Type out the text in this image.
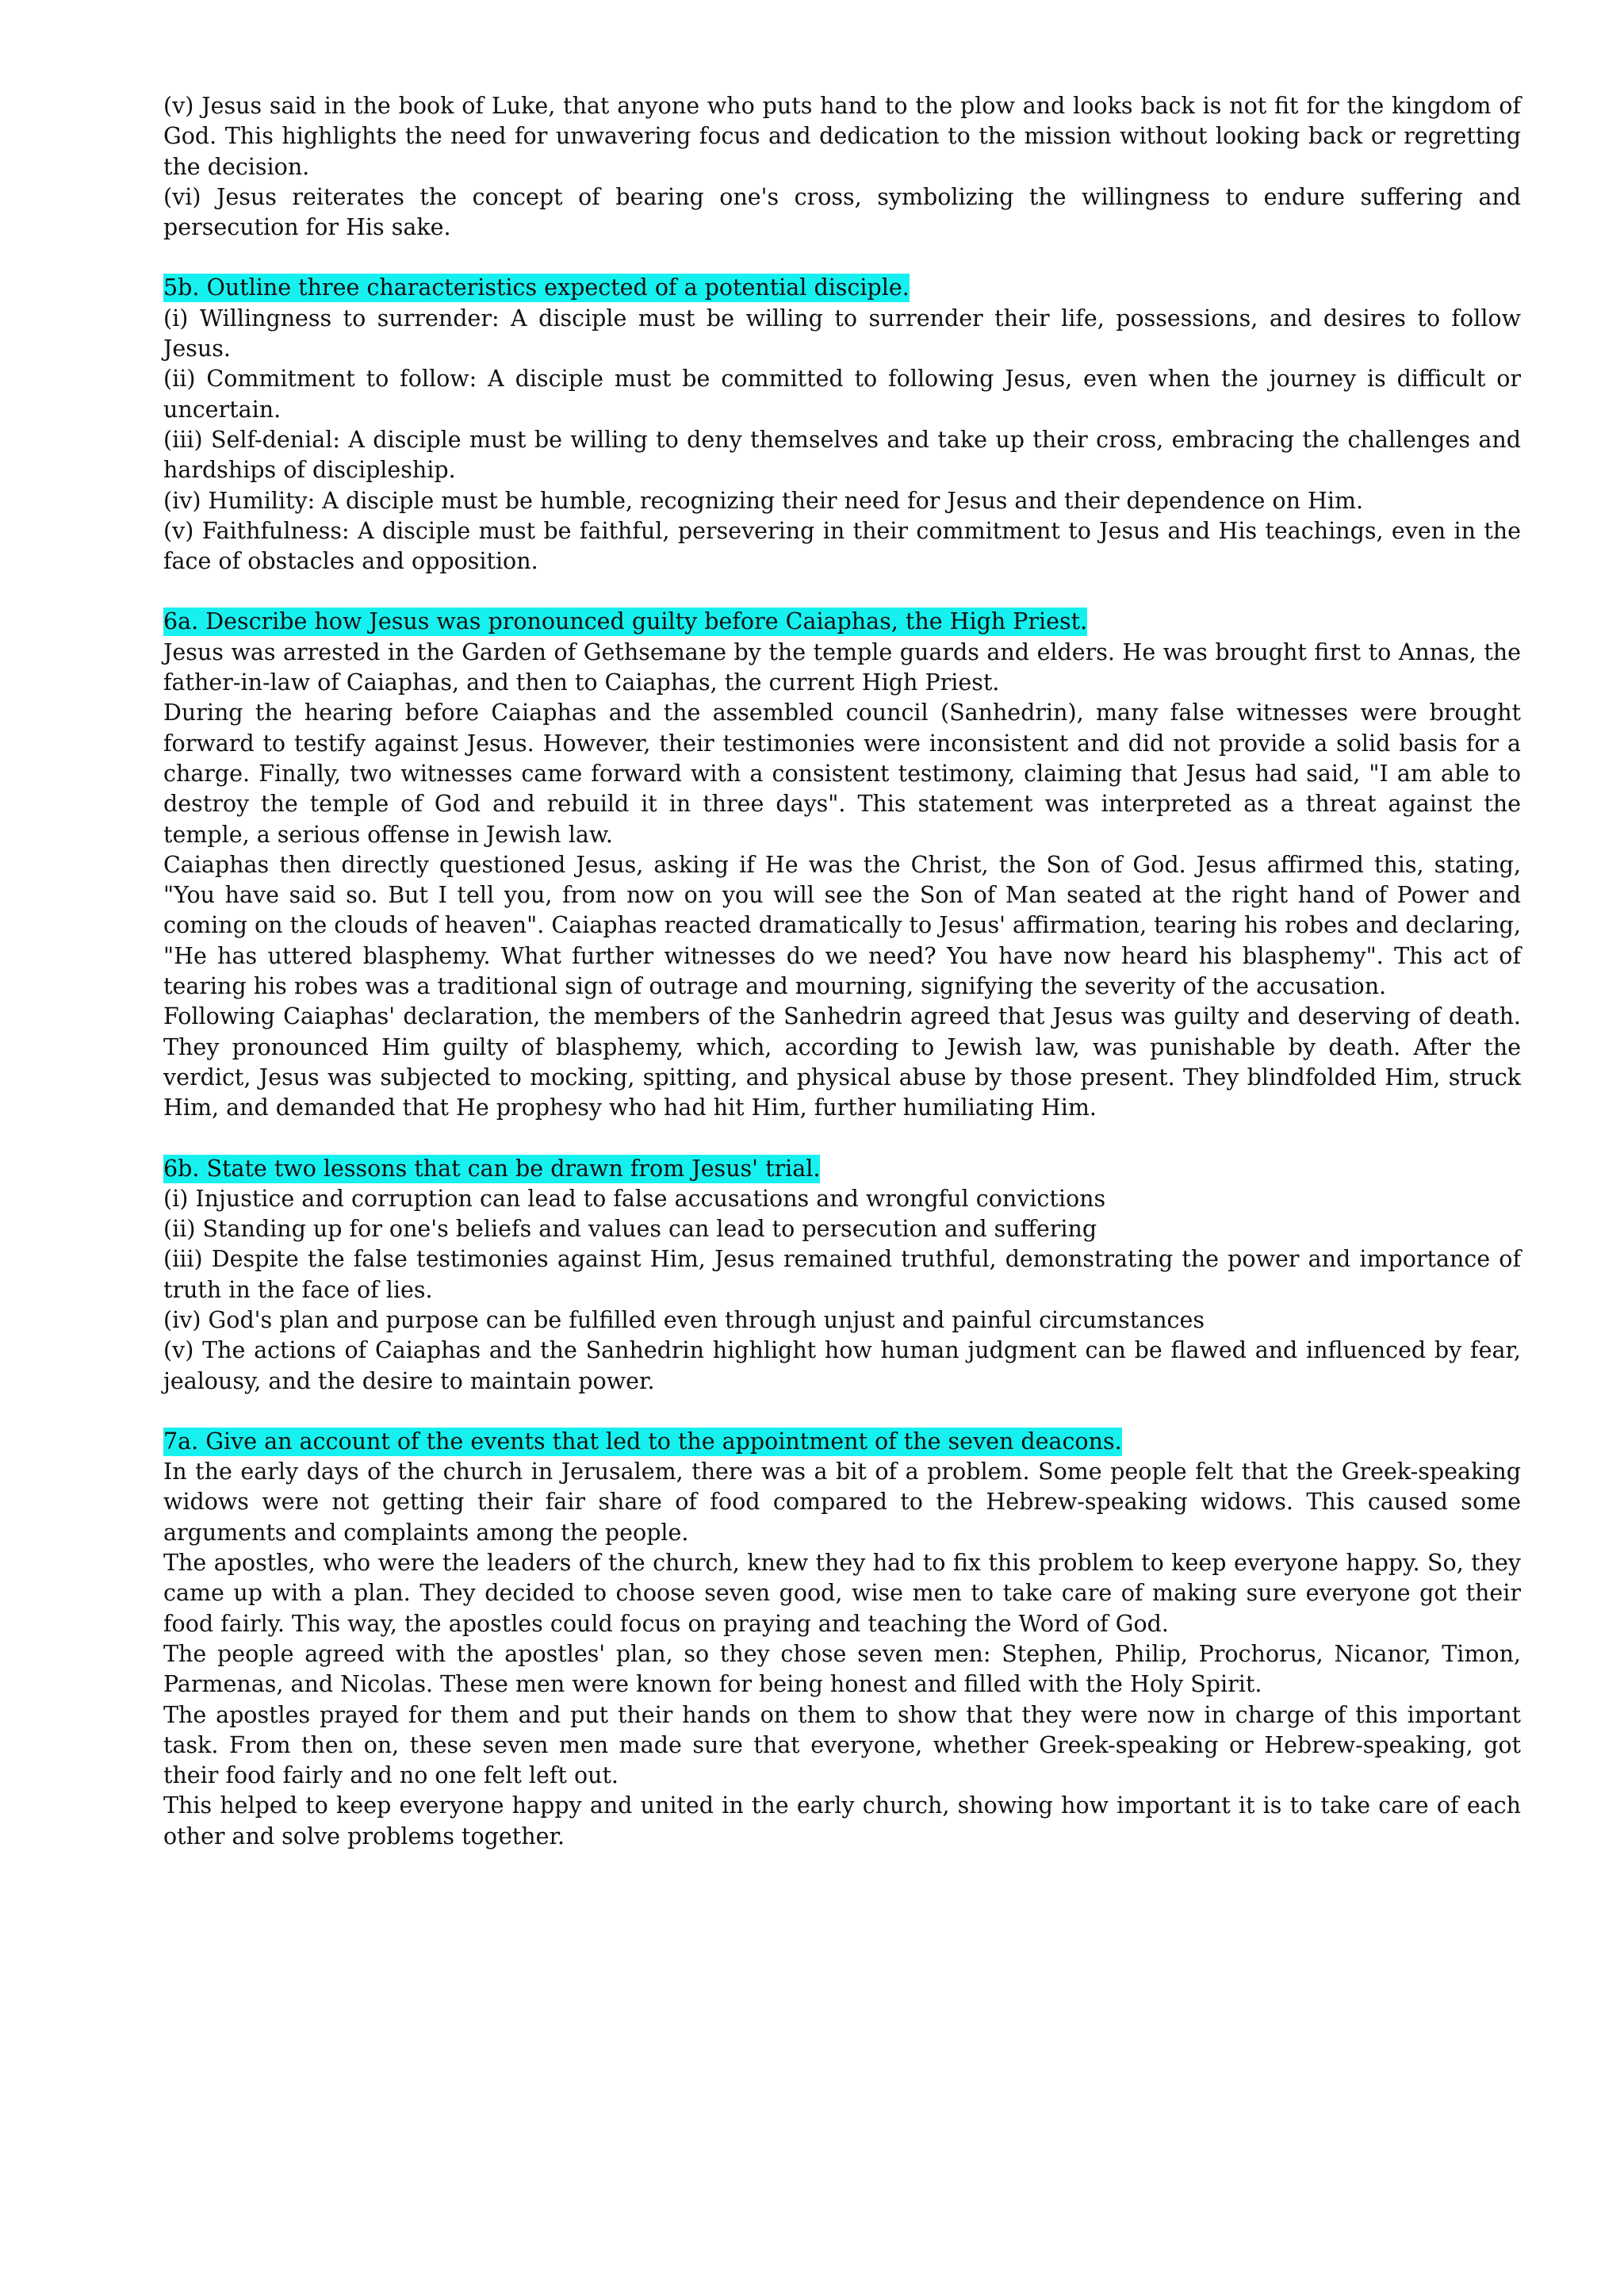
(v) Jesus said in the book of Luke, that anyone who puts hand to the plow and looks back is not fit for the kingdom of God. This highlights the need for unwavering focus and dedication to the mission without looking back or regretting the decision.

(vi) Jesus reiterates the concept of bearing one's cross, symbolizing the willingness to endure suffering and persecution for His sake.

5b. Outline three characteristics expected of a potential disciple.

(i) Willingness to surrender: A disciple must be willing to surrender their life, possessions, and desires to follow Jesus.

(ii) Commitment to follow: A disciple must be committed to following Jesus, even when the journey is difficult or uncertain.

(iii) Self-denial: A disciple must be willing to deny themselves and take up their cross, embracing the challenges and hardships of discipleship.

(iv) Humility: A disciple must be humble, recognizing their need for Jesus and their dependence on Him.

(v) Faithfulness: A disciple must be faithful, persevering in their commitment to Jesus and His teachings, even in the face of obstacles and opposition.

6a. Describe how Jesus was pronounced guilty before Caiaphas, the High Priest.

Jesus was arrested in the Garden of Gethsemane by the temple guards and elders. He was brought first to Annas, the father-in-law of Caiaphas, and then to Caiaphas, the current High Priest.

During the hearing before Caiaphas and the assembled council (Sanhedrin), many false witnesses were brought forward to testify against Jesus. However, their testimonies were inconsistent and did not provide a solid basis for a charge. Finally, two witnesses came forward with a consistent testimony, claiming that Jesus had said, "I am able to destroy the temple of God and rebuild it in three days". This statement was interpreted as a threat against the temple, a serious offense in Jewish law.

Caiaphas then directly questioned Jesus, asking if He was the Christ, the Son of God. Jesus affirmed this, stating, "You have said so. But I tell you, from now on you will see the Son of Man seated at the right hand of Power and coming on the clouds of heaven". Caiaphas reacted dramatically to Jesus' affirmation, tearing his robes and declaring, "He has uttered blasphemy. What further witnesses do we need? You have now heard his blasphemy". This act of tearing his robes was a traditional sign of outrage and mourning, signifying the severity of the accusation.

Following Caiaphas' declaration, the members of the Sanhedrin agreed that Jesus was guilty and deserving of death. They pronounced Him guilty of blasphemy, which, according to Jewish law, was punishable by death. After the verdict, Jesus was subjected to mocking, spitting, and physical abuse by those present. They blindfolded Him, struck Him, and demanded that He prophesy who had hit Him, further humiliating Him.

6b. State two lessons that can be drawn from Jesus' trial.

(i) Injustice and corruption can lead to false accusations and wrongful convictions

(ii) Standing up for one's beliefs and values can lead to persecution and suffering

(iii) Despite the false testimonies against Him, Jesus remained truthful, demonstrating the power and importance of truth in the face of lies.

(iv) God's plan and purpose can be fulfilled even through unjust and painful circumstances

(v) The actions of Caiaphas and the Sanhedrin highlight how human judgment can be flawed and influenced by fear, jealousy, and the desire to maintain power.

7a. Give an account of the events that led to the appointment of the seven deacons.

In the early days of the church in Jerusalem, there was a bit of a problem. Some people felt that the Greek-speaking widows were not getting their fair share of food compared to the Hebrew-speaking widows. This caused some arguments and complaints among the people.

The apostles, who were the leaders of the church, knew they had to fix this problem to keep everyone happy. So, they came up with a plan. They decided to choose seven good, wise men to take care of making sure everyone got their food fairly. This way, the apostles could focus on praying and teaching the Word of God.

The people agreed with the apostles' plan, so they chose seven men: Stephen, Philip, Prochorus, Nicanor, Timon, Parmenas, and Nicolas. These men were known for being honest and filled with the Holy Spirit.

The apostles prayed for them and put their hands on them to show that they were now in charge of this important task. From then on, these seven men made sure that everyone, whether Greek-speaking or Hebrew-speaking, got their food fairly and no one felt left out.

This helped to keep everyone happy and united in the early church, showing how important it is to take care of each other and solve problems together.
